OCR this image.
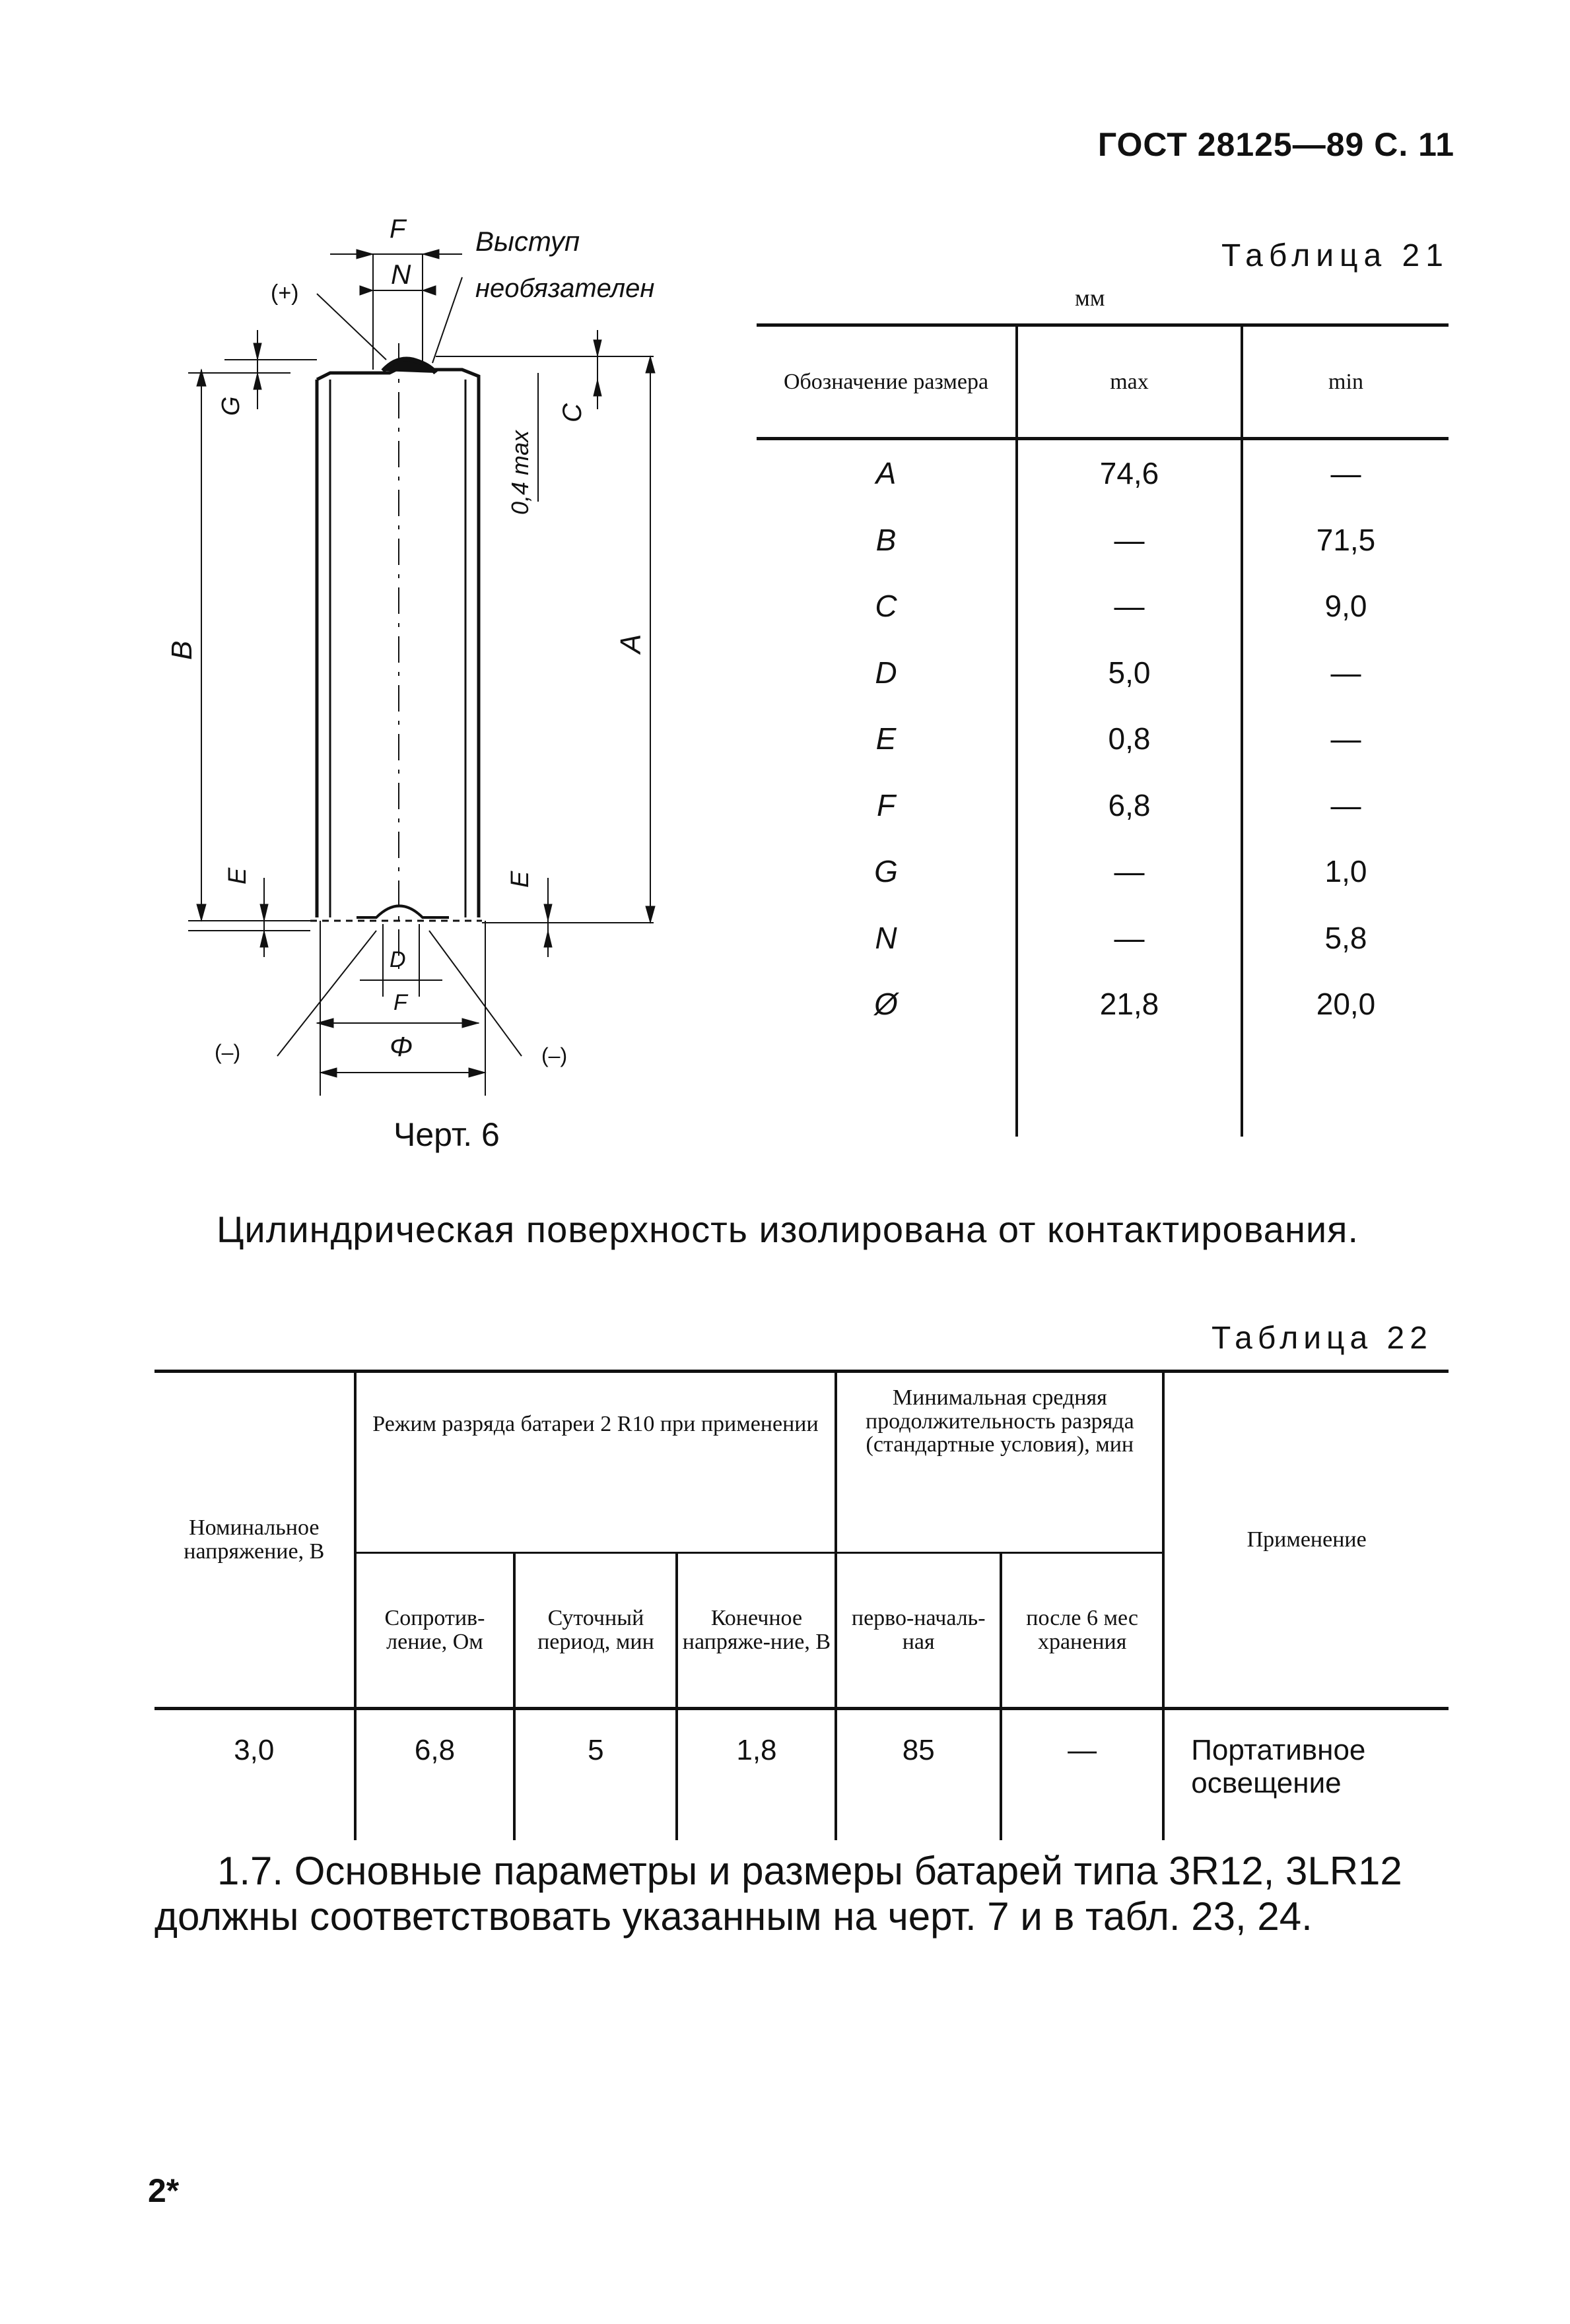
ГОСТ 28125—89 С. 11
F
N
(+)
Выступ
необязателен
G
B
E
C
0,4 max
A
E
D
F
Φ
(–)	(–)
Черт. 6
Таблица 21
мм
Обозначение размера	max	min
A	74,6	—
B	—	71,5
C	—	9,0
D	5,0	—
E	0,8	—
F	6,8	—
G	—	1,0
N	—	5,8
Ø	21,8	20,0

Цилиндрическая поверхность изолирована от контактирования.
Таблица 22
Номинальное напряжение, В	Режим разряда батареи 2 R10 при применении			Минимальная средняя продолжительность разряда (стандартные условия), мин		Применение
	Сопротив-ление, Ом	Суточный период, мин	Конечное напряже-ние, В	перво-началь-ная	после 6 мес хранения	
3,0	6,8	5	1,8	85	—	Портативное освещение
1.7. Основные параметры и размеры батарей типа 3R12, 3LR12
должны соответствовать указанным на черт. 7 и в табл. 23, 24.
2*
